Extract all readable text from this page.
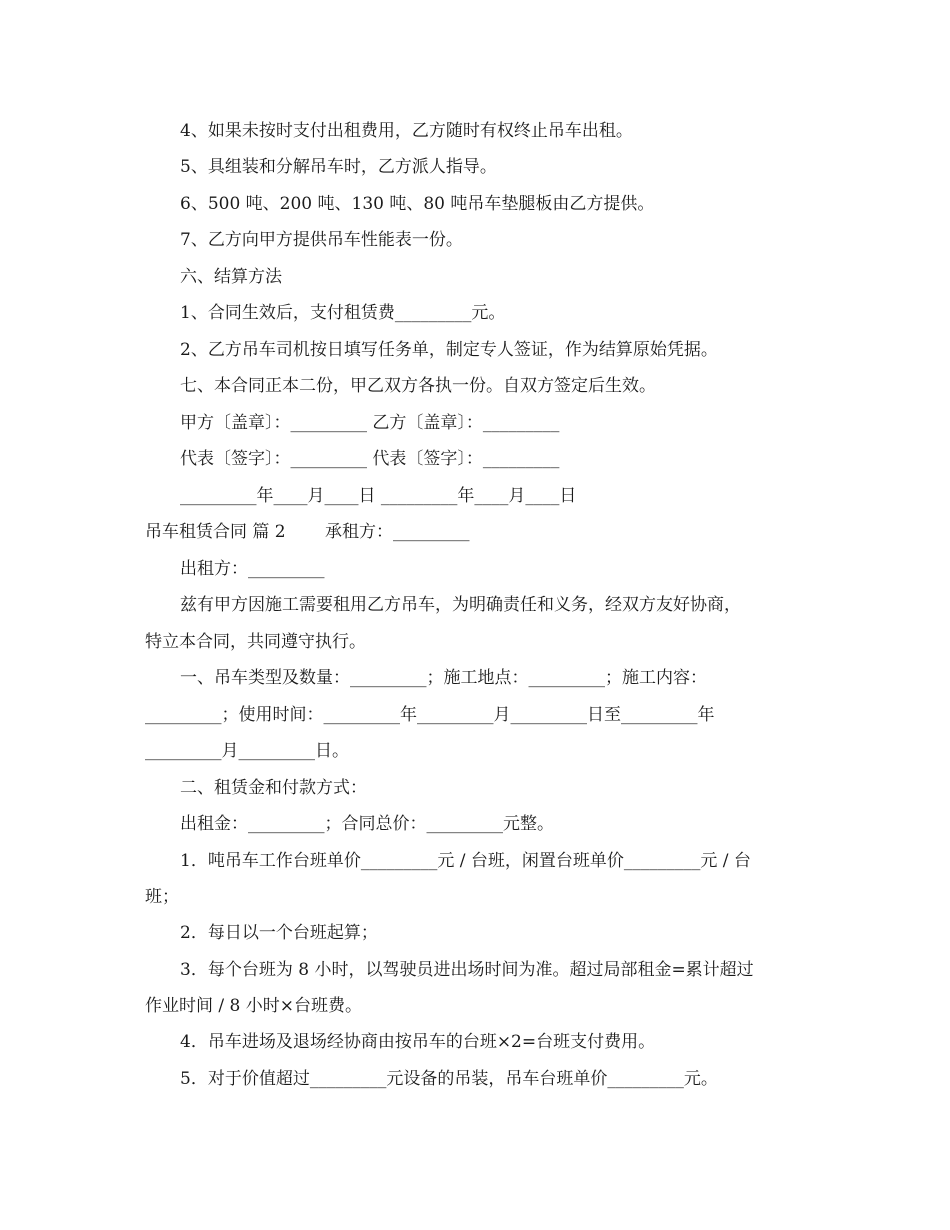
4、如果未按时支付出租费用，乙方随时有权终止吊车出租。
5、具组装和分解吊车时，乙方派人指导。
6、500 吨、200 吨、130 吨、80 吨吊车垫腿板由乙方提供。
7、乙方向甲方提供吊车性能表一份。
六、结算方法
1、合同生效后，支付租赁费_________元。
2、乙方吊车司机按日填写任务单，制定专人签证，作为结算原始凭据。
七、本合同正本二份，甲乙双方各执一份。自双方签定后生效。
甲方〔盖章〕：_________ 乙方〔盖章〕：_________
代表〔签字〕：_________ 代表〔签字〕：_________
_________年____月____日 _________年____月____日
吊车租赁合同 篇 2　　 承租方：_________
出租方：_________
兹有甲方因施工需要租用乙方吊车，为明确责任和义务，经双方友好协商，
特立本合同，共同遵守执行。
一、吊车类型及数量：_________；施工地点：_________；施工内容：
_________；使用时间：_________年_________月_________日至_________年
_________月_________日。
二、租赁金和付款方式：
出租金：_________；合同总价：_________元整。
1．吨吊车工作台班单价_________元 / 台班，闲置台班单价_________元 / 台
班；
2．每日以一个台班起算；
3．每个台班为 8 小时，以驾驶员进出场时间为准。超过局部租金=累计超过
作业时间 / 8 小时×台班费。
4．吊车进场及退场经协商由按吊车的台班×2=台班支付费用。
5．对于价值超过_________元设备的吊装，吊车台班单价_________元。
